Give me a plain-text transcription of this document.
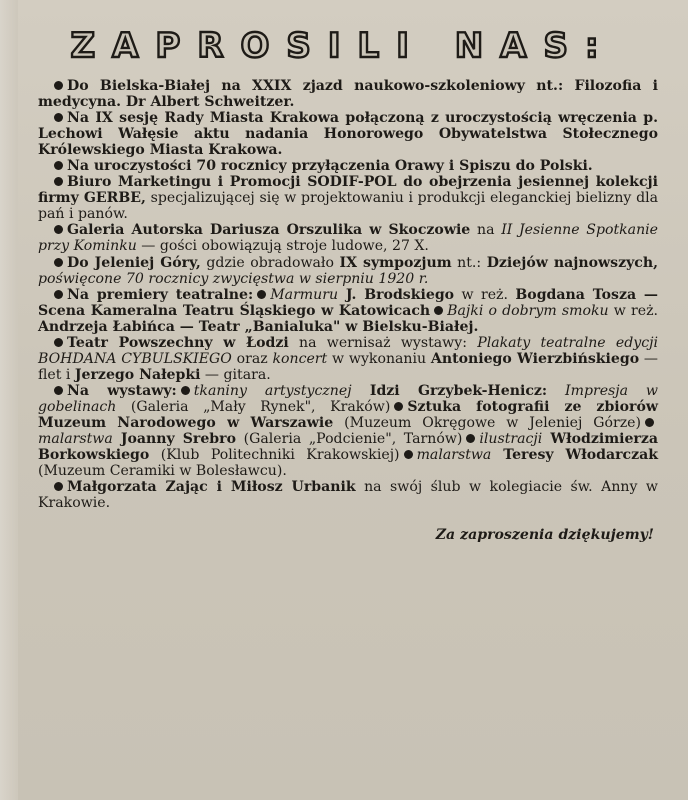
ZAPROSILI NAS:

Do Bielska-Białej na XXIX zjazd naukowo-szkoleniowy nt.: Filozofia i medycyna. Dr Albert Schweitzer.

Na IX sesję Rady Miasta Krakowa połączoną z uroczystością wręczenia p. Lechowi Wałęsie aktu nadania Honorowego Obywatelstwa Stołecznego Królewskiego Miasta Krakowa.

Na uroczystości 70 rocznicy przyłączenia Orawy i Spiszu do Polski.

Biuro Marketingu i Promocji SODIF-POL do obejrzenia jesiennej kolekcji firmy GERBE, specjalizującej się w projektowaniu i produkcji eleganckiej bielizny dla pań i panów.

Galeria Autorska Dariusza Orszulika w Skoczowie na II Jesienne Spotkanie przy Kominku — gości obowiązują stroje ludowe, 27 X.

Do Jeleniej Góry, gdzie obradowało IX sympozjum nt.: Dziejów najnowszych, poświęcone 70 rocznicy zwycięstwa w sierpniu 1920 r.

Na premiery teatralne: Marmuru J. Brodskiego w reż. Bogdana Tosza — Scena Kameralna Teatru Śląskiego w Katowicach Bajki o dobrym smoku w reż. Andrzeja Łabińca — Teatr „Banialuka" w Bielsku-Białej.

Teatr Powszechny w Łodzi na wernisaż wystawy: Plakaty teatralne edycji BOHDANA CYBULSKIEGO oraz koncert w wykonaniu Antoniego Wierzbińskiego — flet i Jerzego Nałepki — gitara.

Na wystawy: tkaniny artystycznej Idzi Grzybek-Henicz: Impresja w gobelinach (Galeria „Mały Rynek", Kraków) Sztuka fotografii ze zbiorów Muzeum Narodowego w Warszawie (Muzeum Okręgowe w Jeleniej Górze)malarstwa Joanny Srebro (Galeria „Podcienie", Tarnów) ilustracji Włodzimierza Borkowskiego (Klub Politechniki Krakowskiej) malarstwa Teresy Włodarczak (Muzeum Ceramiki w Bolesławcu).

Małgorzata Zając i Miłosz Urbanik na swój ślub w kolegiacie św. Anny w Krakowie.

Za zaproszenia dziękujemy!
